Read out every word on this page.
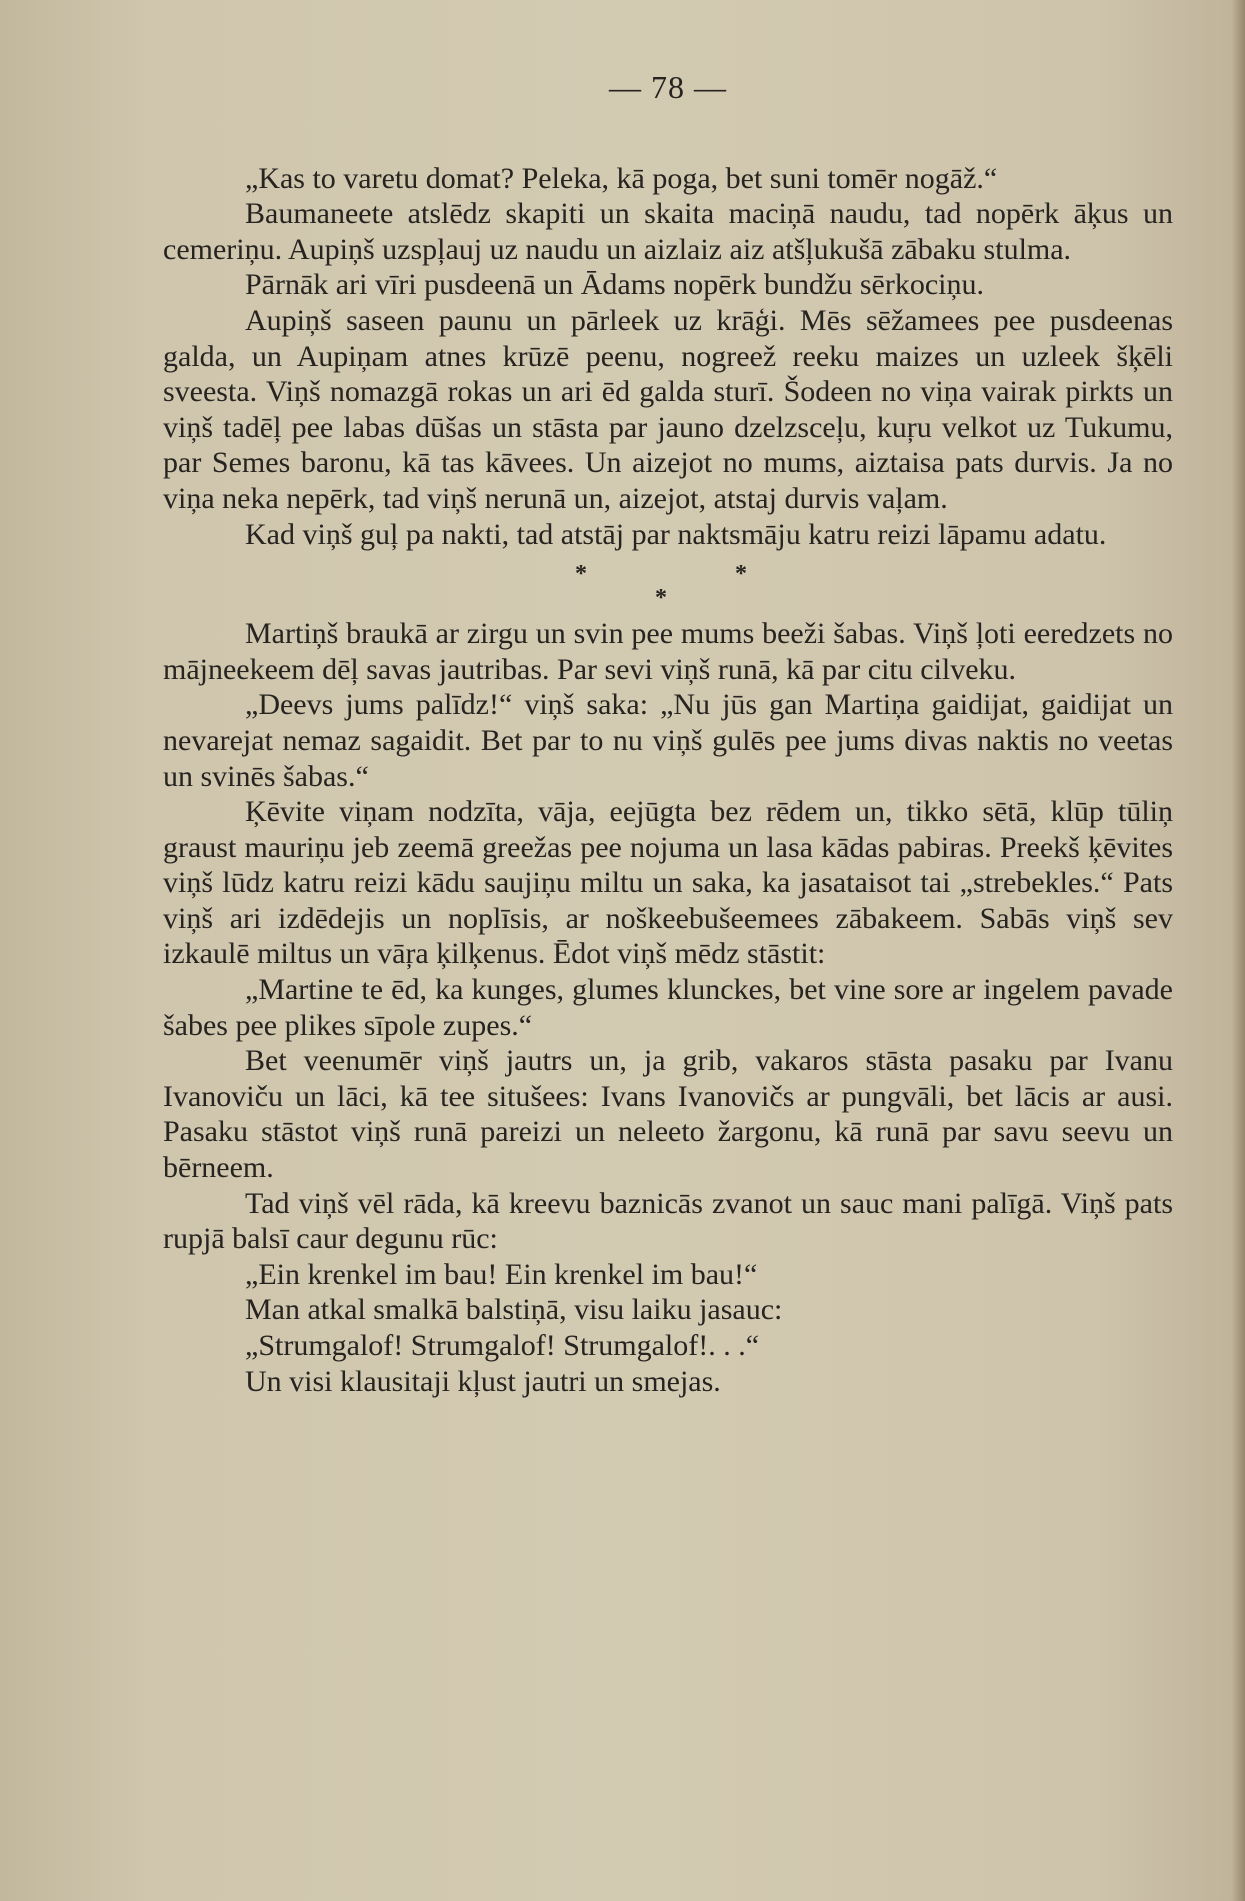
— 78 —

„Kas to varetu domat? Peleka, kā poga, bet suni tomēr nogāž.“

Baumaneete atslēdz skapiti un skaita maciņā naudu, tad nopērk āķus un cemeriņu. Aupiņš uzspļauj uz naudu un aizlaiz aiz atšļukušā zābaku stulma.

Pārnāk ari vīri pusdeenā un Ādams nopērk bundžu sērkociņu.

Aupiņš saseen paunu un pārleek uz krāģi. Mēs sēžamees pee pusdeenas galda, un Aupiņam atnes krūzē peenu, nogreež reeku maizes un uzleek šķēli sveesta. Viņš nomazgā rokas un ari ēd galda sturī. Šodeen no viņa vairak pirkts un viņš tadēļ pee labas dūšas un stāsta par jauno dzelzsceļu, kuŗu velkot uz Tukumu, par Semes baronu, kā tas kāvees. Un aizejot no mums, aiztaisa pats durvis. Ja no viņa neka nepērk, tad viņš nerunā un, aizejot, atstaj durvis vaļam.

Kad viņš guļ pa nakti, tad atstāj par naktsmāju katru reizi lāpamu adatu.

*	*
*

Martiņš braukā ar zirgu un svin pee mums beeži šabas. Viņš ļoti eeredzets no mājneekeem dēļ savas jautribas. Par sevi viņš runā, kā par citu cilveku.

„Deevs jums palīdz!“ viņš saka: „Nu jūs gan Martiņa gaidijat, gaidijat un nevarejat nemaz sagaidit. Bet par to nu viņš gulēs pee jums divas naktis no veetas un svinēs šabas.“

Ķēvite viņam nodzīta, vāja, eejūgta bez rēdem un, tikko sētā, klūp tūliņ graust mauriņu jeb zeemā greežas pee nojuma un lasa kādas pabiras. Preekš ķēvites viņš lūdz katru reizi kādu saujiņu miltu un saka, ka jasataisot tai „strebekles.“ Pats viņš ari izdēdejis un noplīsis, ar noškeebušeemees zābakeem. Sabās viņš sev izkaulē miltus un vāŗa ķilķenus. Ēdot viņš mēdz stāstit:

„Martine te ēd, ka kunges, glumes klunckes, bet vine sore ar ingelem pavade šabes pee plikes sīpole zupes.“

Bet veenumēr viņš jautrs un, ja grib, vakaros stāsta pasaku par Ivanu Ivanoviču un lāci, kā tee situšees: Ivans Ivanovičs ar pungvāli, bet lācis ar ausi. Pasaku stāstot viņš runā pareizi un neleeto žargonu, kā runā par savu seevu un bērneem.

Tad viņš vēl rāda, kā kreevu baznicās zvanot un sauc mani palīgā. Viņš pats rupjā balsī caur degunu rūc:

„Ein krenkel im bau! Ein krenkel im bau!“

Man atkal smalkā balstiņā, visu laiku jasauc:

„Strumgalof! Strumgalof! Strumgalof!. . .“

Un visi klausitaji kļust jautri un smejas.
